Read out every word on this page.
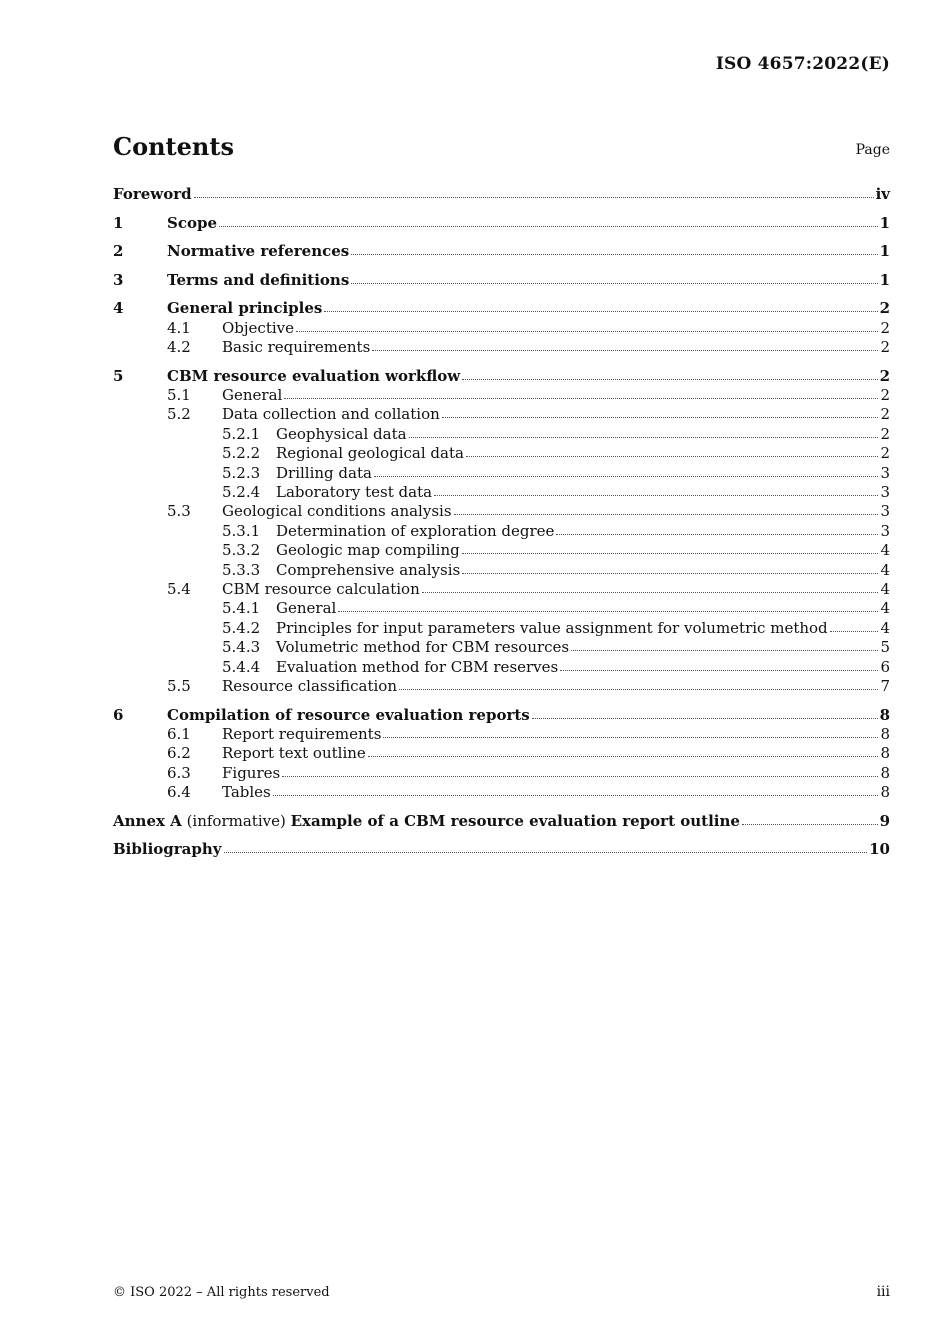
ISO 4657:2022(E)
Contents	Page
Foreword	iv
1	Scope	1
2	Normative references	1
3	Terms and definitions	1
4	General principles	2
4.1	Objective	2
4.2	Basic requirements	2
5	CBM resource evaluation workflow	2
5.1	General	2
5.2	Data collection and collation	2
5.2.1	Geophysical data	2
5.2.2	Regional geological data	2
5.2.3	Drilling data	3
5.2.4	Laboratory test data	3
5.3	Geological conditions analysis	3
5.3.1	Determination of exploration degree	3
5.3.2	Geologic map compiling	4
5.3.3	Comprehensive analysis	4
5.4	CBM resource calculation	4
5.4.1	General	4
5.4.2	Principles for input parameters value assignment for volumetric method	4
5.4.3	Volumetric method for CBM resources	5
5.4.4	Evaluation method for CBM reserves	6
5.5	Resource classification	7
6	Compilation of resource evaluation reports	8
6.1	Report requirements	8
6.2	Report text outline	8
6.3	Figures	8
6.4	Tables	8
Annex A (informative) Example of a CBM resource evaluation report outline	9
Bibliography	10
© ISO 2022 – All rights reserved	iii
